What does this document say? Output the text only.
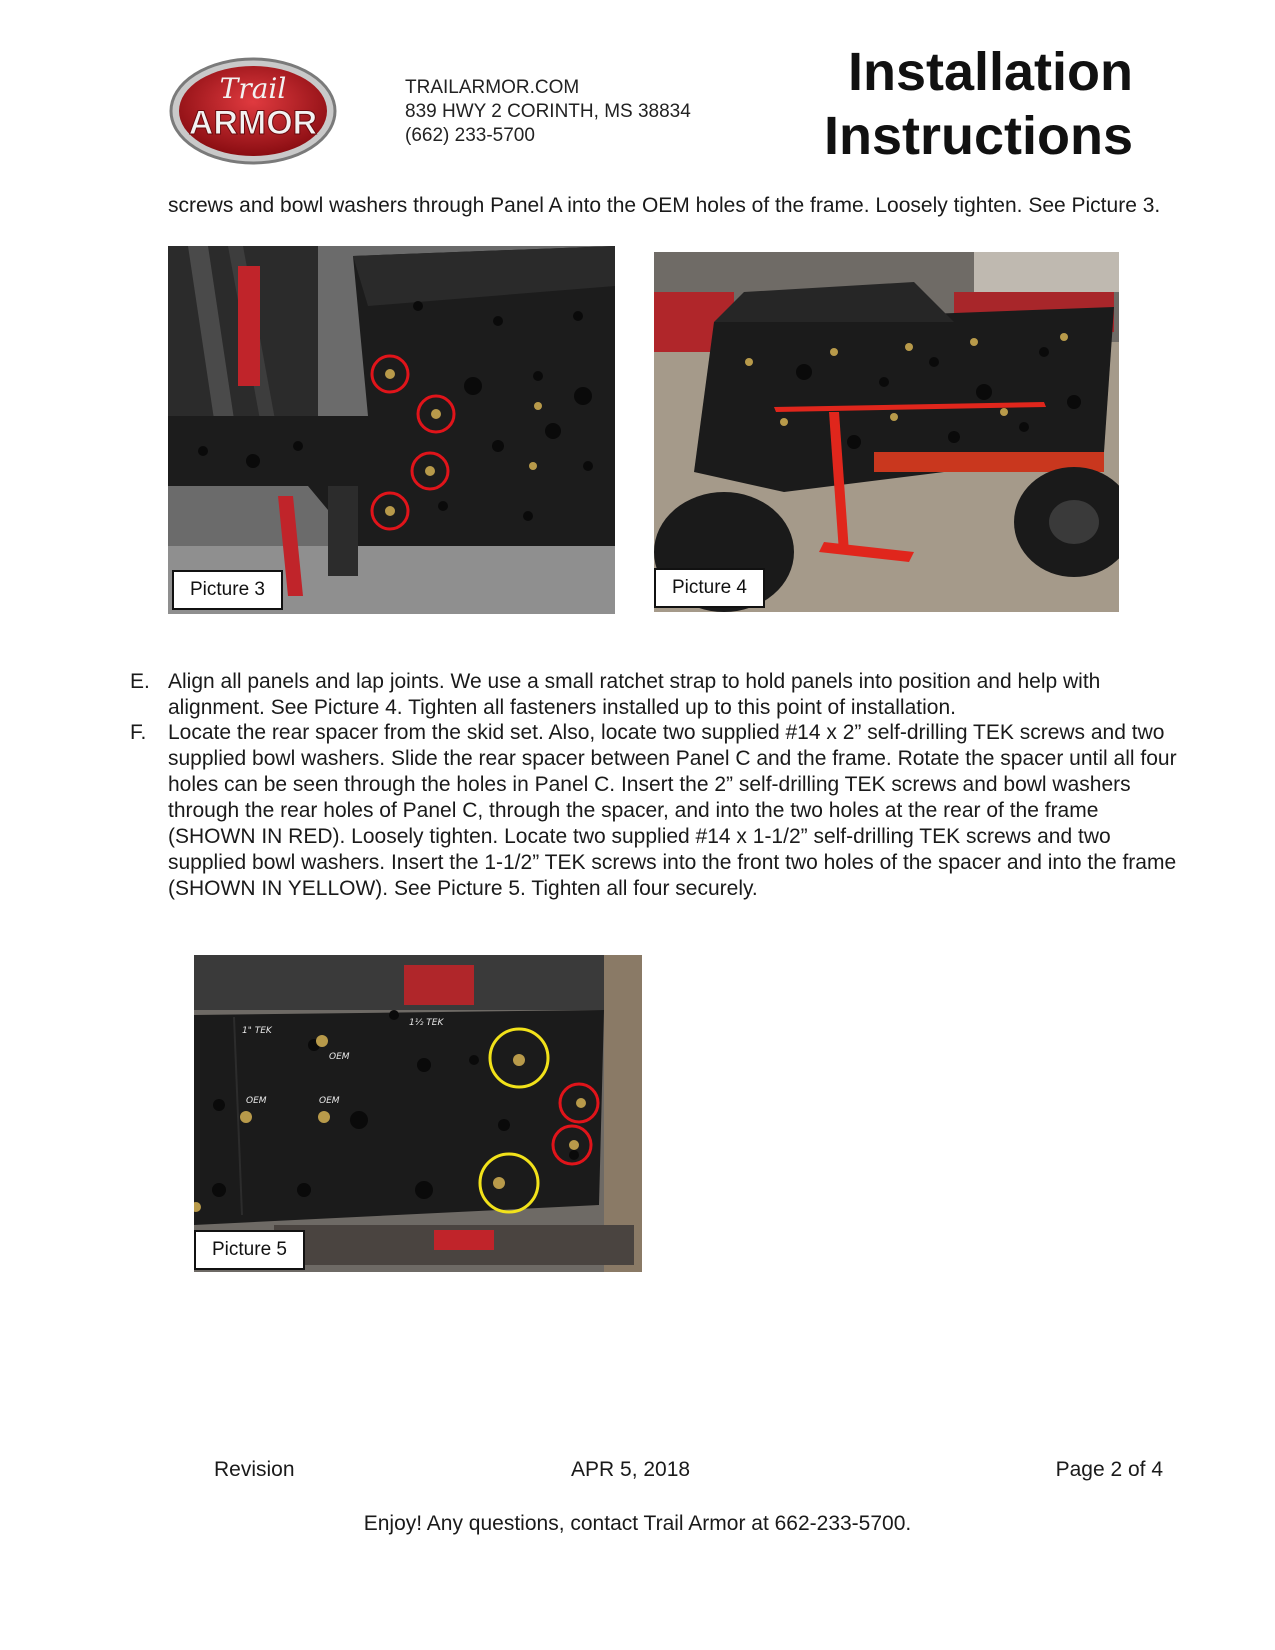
Trail
ARMOR
TRAILARMOR.COM
839 HWY 2 CORINTH, MS 38834
(662) 233-5700
Installation
Instructions
screws and bowl washers through Panel A into the OEM holes of the frame. Loosely tighten. See Picture 3.
Picture 3	Picture 4
E. Align all panels and lap joints. We use a small ratchet strap to hold panels into position and help with alignment. See Picture 4. Tighten all fasteners installed up to this point of installation.
F. Locate the rear spacer from the skid set. Also, locate two supplied #14 x 2” self-drilling TEK screws and two supplied bowl washers. Slide the rear spacer between Panel C and the frame. Rotate the spacer until all four holes can be seen through the holes in Panel C. Insert the 2” self-drilling TEK screws and bowl washers through the rear holes of Panel C, through the spacer, and into the two holes at the rear of the frame (SHOWN IN RED). Loosely tighten. Locate two supplied #14 x 1-1/2” self-drilling TEK screws and two supplied bowl washers. Insert the 1-1/2” TEK screws into the front two holes of the spacer and into the frame (SHOWN IN YELLOW). See Picture 5. Tighten all four securely.
1" TEK
1½ TEK
OEM
OEM	OEM
Picture 5
Revision	APR 5, 2018	Page 2 of 4
Enjoy! Any questions, contact Trail Armor at 662-233-5700.
